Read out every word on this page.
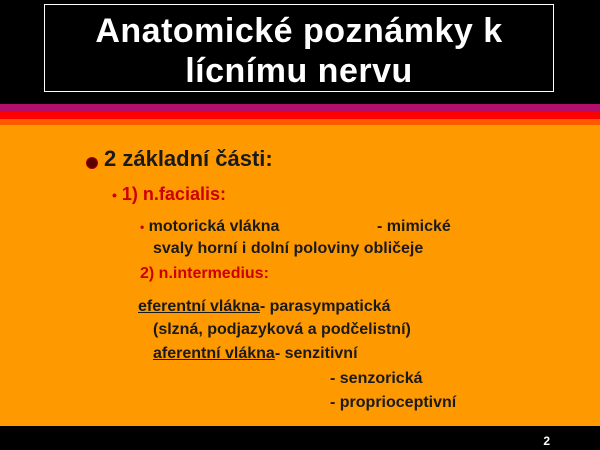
Anatomické poznámky k
lícnímu nervu
2 základní části:
• 1) n.facialis:
• motorická vlákna	- mimické
svaly horní i dolní poloviny obličeje
2) n.intermedius:
eferentní vlákna- parasympatická
(slzná, podjazyková a podčelistní)
aferentní vlákna- senzitivní
- senzorická
- proprioceptivní
2
